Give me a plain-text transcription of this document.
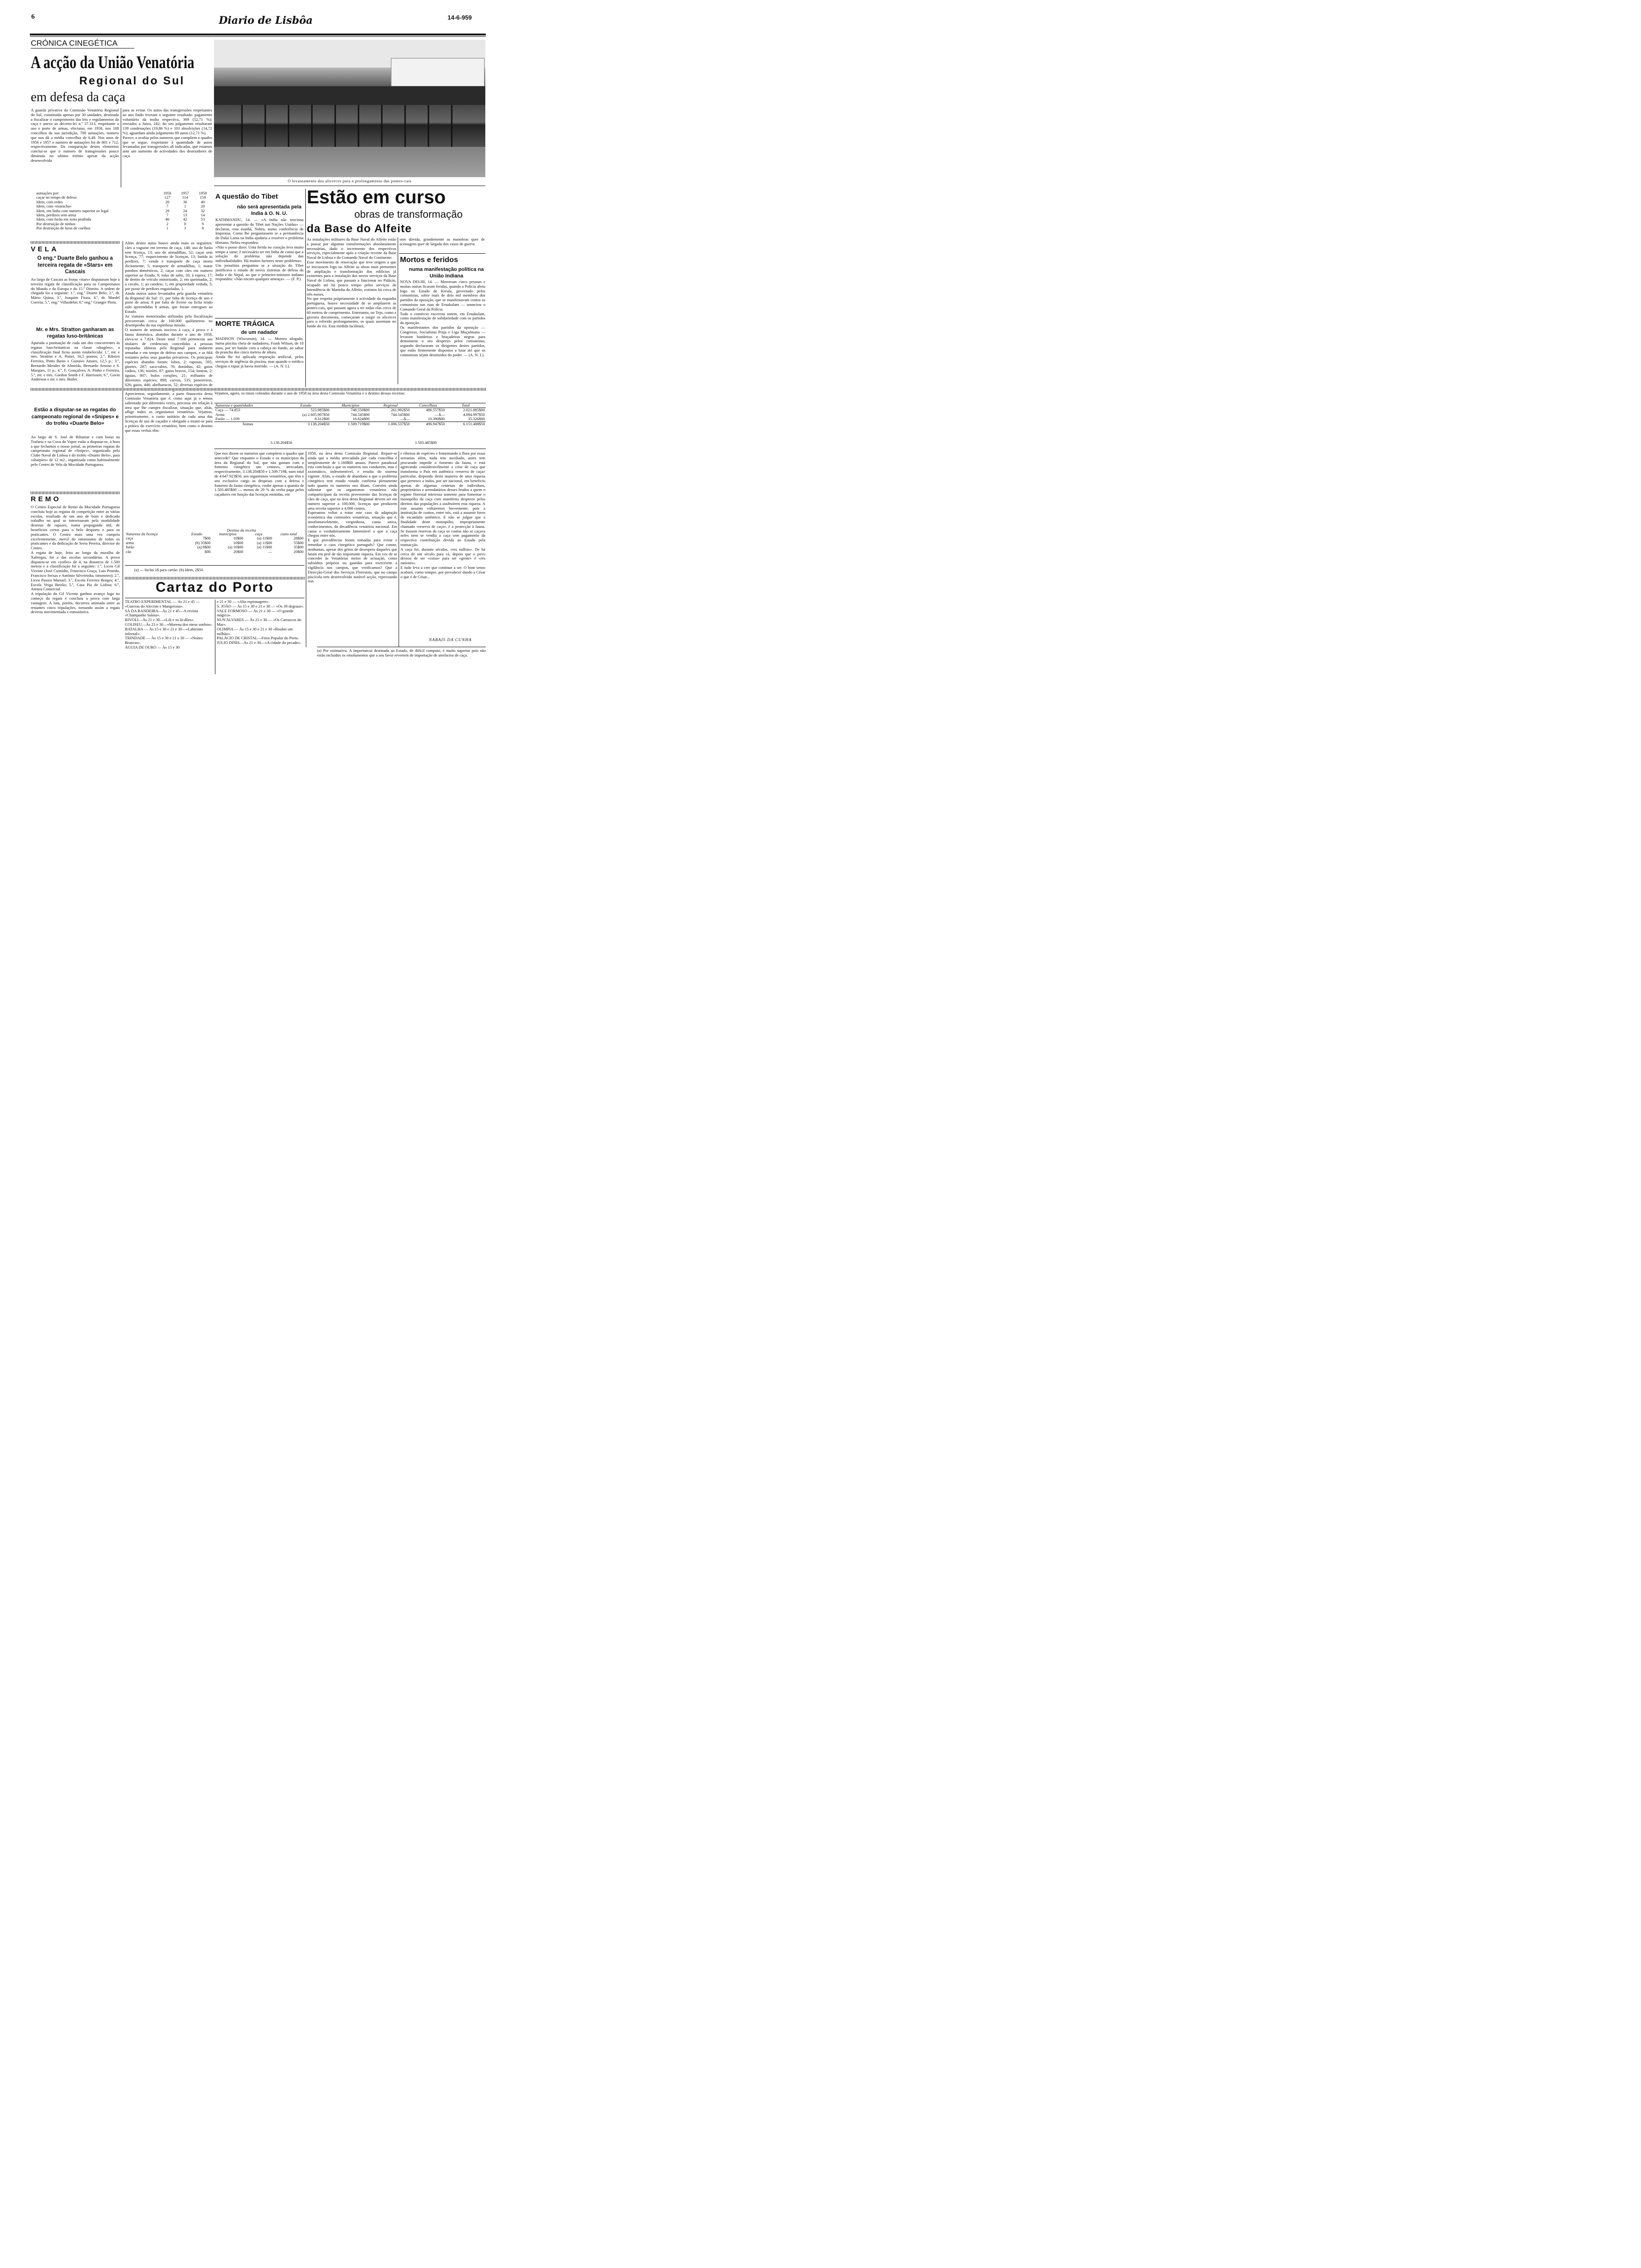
6	Diario de Lisbôa	14-6-959
CRÓNICA CINEGÉTICA
A acção da União Venatória
Regional do Sul
em defesa da caça
A guarda privativa da Comissão Venatória Regional do Sul, constituida apenas por 30 unidades, destinada a fiscalizar o cumprimento das leis e regulamentos da caça e anexo ao decreto-lei n.º 37.313, respeitante a uso e porte de armas, efectuou, em 1958, nos 108 concelhos da sua jurisdição, 700 autuações, numero que nos dá a média concelhia de 6,48. Nos anos de 1956 e 1957 o numero de autuações foi de 801 e 712, respectivamente. Da comparação destes elementos conclui-se que o numero de transgressões pouco diminuiu no ultimo triénio apesar da acção desenvolvida
para as evitar. Os autos das transgressões respeitantes ao ano findo tiveram o seguinte resultado: pagamento voluntário da multa respectiva, 369 (52,71 %); enviados a Juizo, 242; do seu julgamento resultaram 139 condenações (19,86 %) e 103 absolvições (14,72 %); aguardam ainda julgamento 89 autos (12,71 %).
Parece, a avaliar pelos numeros que compõem o quadro que se segue, respeitante à quantidade de autos levantados por transgressões ali indicadas, que estamos ante um aumento de actividades dos destruidores de caça.
autuações por:	1956	1957	1958
caçar no tempo de defeso	127	114	158
Idem, com redes	20	36	40
Idem, com «maracha»	7	1	20
Idem, em linha com numero superior ao legal	29	24	32
Idem, perdizes sem arma	7	13	14
Idem, com furão em zona proibida	46	42	53
Por destruição de ninhos	2	8	9
Por destruição de luras de coelhos	1	3	8
O levantamento dos alicerces para o prolongamento das pontes-cais
A questão do Tibet
não será apresentada pela India à O. N. U.
KATHMANDU, 14. — «A India não tenciona apresentar a questão do Tibet nas Nações Unidas» — declarou, esta manhã, Nehru, numa conferência de Imprensa. Como lhe perguntassem se a permanência do Dalai Lama na India ajudaria a resolver o problema tibetano, Nehru respondeu:
«Não o posso dizer. Uma ferida no coração leva muito tempo a sarar; é necessário ter em linha de conta que a solução do problema não depende das individualidades. Há muitos factores neste problema».
Um jornalista perguntou se a situação do Tibet justificava o estudo de novos sistemas de defesa da India e do Nepal, ao que o primeiro-ministro indiano respondeu: «Não encaro qualquer ameaça». — (F. P.).
MORTE TRÁGICA
de um nadador
MADISON (Wisconsin), 14. — Morreu afogado, numa piscina cheia de nadadores, Frank Wilson, de 18 anos, por ter batido com a cabeça no fundo, ao saltar da prancha dos cinco metros de altura.
Ainda lhe foi aplicada respiração artificial, pelos serviços de urgência da piscina, mas quando o médico chegou o rapaz já havia morrido. — (A. N. I.).
Estão em curso
obras de transformação
da Base do Alfeite
As instalações militares da Base Naval do Alfeite estão a passar por algumas transformações absolutamente necessárias, dado o incremento dos respectivos serviços, especialmente após a criação recente da Base Naval de Lisboa e do Comando Naval do Continente.
Esse movimento de renovação que teve origem a que se iniciassem logo no Alfeite as obras mais prementes de ampliação e transformação dos edifícios já existentes para a instalação dos novos serviços da Base Naval de Lisboa, que passam a funcionar no Palácio, ocupado até há pouco tempo pelos serviços da Intendência de Marinha do Alfeite, extintos há cerca de três meses.
No que respeita pròpriamente à actividade da esquadra portuguesa, houve necessidade de se ampliarem as pontes-cais, que passam agora a ter todas elas cerca de 60 metros de comprimento. Entretanto, no Tejo, como a gravura documenta, começaram a surgir os alicerces para o referido prolongamento, os quais assentam no fundo do rio. Esta medida facilitará,
sem dúvida, grandemente as manobras quer de acostagem quer de largada dos vasos de guerra.
Mortos e feridos
numa manifestação política na União Indiana
NOVA DELHI, 14. — Morreram cinco pessoas e muitas outras ficaram feridas, quando a Polícia abriu fogo no Estado de Kerala, governado pelos comunistas, sobre mais de dois mil membros dos partidos da oposição, que se manifestavam contra os comunistas nas ruas de Ernakulam — anunciou o Comando Geral da Polícia.
Todo o comércio encerrou ontem, em Ernakulam, como manifestação de solidariedade com os partidos da oposição.
Os manifestantes dos partidos da oposição — Congresso, Socialistas Praja e Liga Muçulmana — levaram bandeiras e braçadeiras negras para demonstrar o seu desprezo pelos comunistas, segundo declararam os dirigentes destes partidos, que estão firmemente dispostos a lutar até que os comunistas sejam destituidos do poder. — (A. N. I.).
VELA
O eng.º Duarte Belo ganhou a terceira regata de «Stars» em Cascais
Ao largo de Cascais as frotas «stars» disputaram hoje a terceira regata de classificação para os Campeonatos do Mundo e da Europa e do 15.º Distrito. A ordem de chegada foi a seguinte: 1.º, eng.º Duarte Belo; 2.º, dr. Mário Quina; 3.º, Joaquim Fiuza; 4.º, dr. Mardel Correia; 5.º, eng.º Villardebó; 6.º eng.º Granger Pinto.
Mr. e Mrs. Stratton ganharam as regatas luso-britânicas
Apurada a pontuação de cada um dos concorrentes às regatas luso-britanicas na classe «dragões», a classificação final ficou assim estabelecida: 1.º, mr. e mrs. Stratton e A. Potier, 16,5 pontos; 2.º, Ribeiro Ferreira, Pinto Basto e Gustavo Amaro, 12,5 p.; 3.º, Bernardo Mendes de Almeida, Bernardo Arnoso e S. Marques, 11 p.; 4.º, F. Gonçalves, A. Pinho e Ferreira, 5.º, mr. e mrs. Gordon Smith e F. Harrisson; 6.º, Gavin Anderson e mr. e mrs. Butler.
Estão a disputar-se as regatas do campeonato regional de «Snipes» e do troféu «Duarte Belo»
Ao largo de S. José de Ribamar e com boias na Trafaria e na Cova do Vapor estão a disputar-se, à hora a que fechamos o nosso jornal, as primeiras regatas do campeonato regional de «Snipes», organizado pelo Clube Naval de Lisboa e do troféu «Duarte Belo», para «sharpies» de 12 m2., organizada como habitualmente pelo Centro de Vela da Mocidade Portuguesa.
REMO
O Centro Especial de Remo da Mocidade Portuguesa concluiu hoje as regatas de competição entre as várias escolas, resultado de um ano de bom e dedicado trabalho no qual se interessaram pela modalidade dezenas de rapazes, numa propaganda útil, de beneficios certos para o belo desporto e para os praticantes. O Centro mais uma vez cumpriu excelentemente, mercê do entusiasmo de todos os praticantes e da dedicação de Serra Pereira, director do Centro.
A regata de hoje, feita ao longo da muralha de Xabregas, foi a das escolas secundárias. A prova disputou-se em «yolles» de 4, na distancia de 1.500 metros e a classificação foi a seguinte: 1.º, Liceu Gil Vicente (José Custódio, Francisco Graça, Luis Penedo, Francisco Seixas e António Silveirinha, timoneiro); 2.º, Liceu Passos Manuel; 3.º, Escola Ferreira Borges; 4.º, Escola Veiga Beirão; 5.º, Casa Pia de Lisboa; 6.º, Ateneu Comercial.
A tripulação do Gil Vicente ganhou avanço logo no começo da regata e concluiu a prova com larga vantagem. A luta, porém, decorreu animada entre as restantes cinco tripulações, tornando assim a regata deveras movimentada e entusiástica.
Além destes autos houve ainda mais os seguintes: cães a vaguear em terreno de caça, 148; uso de furão sem licença, 13; uso de armadilhas, 52; caçar sem licença, 77; esquecimento de licenças, 13; batida às perdizes, 7; venda e transporte de caça morta ilicitamente, 5; transporte de armadilhas, 1; matar pombos domésticos, 2; caçar com cães em numero superior ao fixado, 9; rolas de salto, 10; à espera, 17; de dentro de veículo motorizado, 2; em queimadas, 2; a cavalo, 1; ao candeio, 1; em propriedade vedada, 5; por posse de perdizes engaioladas, 1.
Ainda outros autos levantados pela guarda venatória da Regional do Sul: 11, por falta de licença de uso e porte de arma; 8 por falta de livrete ou ficha tendo sido apreendidas 8 armas, que foram entregues ao Estado.
As viaturas motorizadas utilizadas pela fiscalização percorreram cerca de 160.000 quilómetros no desempenho da sua espinhosa missão.
O numero de animais nocivos à caça, à pesca e à fauna doméstica, abatidos durante o ano de 1958, eleva-se a 7.824. Deste total 7.160 pertencem aos titulares de credenciais concedidas a pessoas reputadas idóneas pela Regional para andarem armadas e em tempo de defeso nos campos, e as 664 restantes pelos seus guardas privativos. Os principais espécies abatidos foram: lobos, 2; raposas, 595; ginetes, 287; saca-rabos, 76; doninhas, 42; gatos vadios, 136; toirões, 87; gatos bravos, 154; lontras, 2; águias, 807; bufos corujões, 21; milhanos de diferentes espécies, 890; corvos, 535; peneireiros, 626; gaios, 446; abelharucos, 52; diversas espécies de
Apreciemos, seguidamente, a parte financeira desta Comissão Venatória que é, como aqui já o temos salientado por diferentes vezes, preciosa em relação à área que lhe cumpre fiscalizar, situação que, aliás, aflige todos os organismos venatórios. Vejamos, primeiramente, o custo unitário de cada uma das licenças de uso de caçador e obrigado a munir-se para a prática do exercício venatório, bem como o destino que essas verbas têm:
Vejamos, agora, os totais cobrados durante o ano de 1958 na área desta Comissão Venatória e o destino dessas receitas:
Natureza e quantidades	Estado	Municipios	Regional	Concelhias	Total
Caça — 74.853	523.985$00	748.550$00	261.992$50	486.557$50	2.021.085$00
Arma	(a) 2.605.907$50	744.545$00	744.545$00	—$—	4.094.997$50
Furão — 1.039	8.312$00	16.624$00	—$—	10.390$00	35.326$00
Somas	3.138.204$50	1.509.719$00	1.006.537$50	496.947$50	6.151.408$50
3.138.204$50	1.503.485$00
Que nos dizem os numeros que compõem o quadro que antecede? Que enquanto o Estado e os municípios da área da Regional do Sul, que não gastam com o fomento cinegético um centavo, arrecadam, respectivamente, 3.138.204$50 e 1.509.719$, num total de 4.647.923$50, aos organismos venatórios, que têm o seu exclusivo cargo as despesas com a defesa e fomento da fauna cinegética, coube apenas a quantia de 1.503.485$00 — menos de 20 % da verba paga pelos caçadores em função das licenças emitidas, em
1958, na área desta Comissão Regional. Repare-se ainda que a média arrecadada por cada concelhia é simplesmente de 1.160$00 anuais. Parece paradoxal esta conclusão a que os numeros nos conduzem, mas é axiomático, indesmentível, e resulta do sistema vigente. Aliás, o estado de abandono a que o problema cinegético tem estado votado confirma plenamente tudo quanto os numeros nos ditam. Convém ainda salientar que os organismos venatórios não comparticipam da receita proveniente das licenças de cães de caça, que na área desta Regional devem ser em numero superior a 100.000, licenças que produzem uma receita superior a 4.000 contos.
Esperamos voltar a tratar este caso da adaptação económica das comissões venatórias, situação que é, insofismavelmente, vergonhosa, causa unica, conhecimentos, da decadência venatória nacional. Em causa o verdadeiramente lamentável a que a caça chegou entre nós.
E que providências foram tomadas para evitar e remediar o caos cinegético português? Que conste, nenhumas, apesar dos gritos de desespero daqueles que lutam em prol de tão importante riqueza. Em vez de se conceder às Venatórias meios de actuação, como subsídios próprios ou guardas para exercerem a vigilância nos campos, que verificamos? Que a Direcção-Geral dos Serviços Florestais, que no campo piscícola tem desenvolvido notável acção, repovoando rios
e ribeiras de espécies e fomentando a flora por essas serranias além, nada tem auxiliado, antes tem procurado impedir o fomento da fauna, e está agravando consideravelmente a crise de caça que transforma o País em autêntica «reserva de caça» particular, dispondo desta maneira de uma riqueza que pertence a todos, por ser nacional, em beneficio apenas de algumas centenas de individuos, proprietários e arrendatários desses feudos a quem o regime florestal interessa somente para fomentar o monopólio da caça com manifesto desprezo pelos direitos das populações a usufruírem esta riqueza. A este assunto voltaremos brevemente, pois a instituição de coutos, entre nós, está a assumir foros de escandalo autêntico. E não se julgue que a finalidade deste monopólio, impropriamente chamado «reserva de caça», é a protecção à fauna. Se fossem reservas de caça os coutos não se caçava neles nem se vendia a caça sem pagamento da respectiva contribuição devida ao Estado pela transacção.
A caça foi, durante séculos, «res nullius». De há cerca de um século para cá, depois que o povo deixou de ser «coisa» para ser «gente» é «res nationis».
E tudo leva a crer que continue a ser. O bom senso acabará, como sempre, por prevalecer dando a César o que é de César...
NABAIS DA CUNHA
Destino da receita
Natureza da licença	Estado	municipios	caça	custo total
caça	7$00	10$00	(a) 11$00	28$00
arma	(b) 35$00	10$00	(a) 11$00	55$00
furão	(a) 8$00	(a) 16$00	(a) 11$00	35$00
cão	$00	20$00	—	20$00
(a) — Inclui 1$ para cartão. (b) Idem, 2$50.
Cartaz do Porto
TEATRO EXPERIMENTAL — Às 21 e 45 — «Guerras do Alecrim e Mangerona».
SÁ DA BANDEIRA—Às 21 e 45—A revista «Champanhe Saloio».
RIVOLI—Às 21 e 30—«Lili e os lá-dões».
COLISEU—Às 21 e 30—«Morena dos meus sonhos».
BATALHA — Às 15 e 30 e 21 e 30—«Labirinto infernal».
TRINDADE — Às 15 e 30 e 21 e 30 — «Noites Brancas».
ÁGUIA DE OURO — Às 15 e 30
e 21 e 30 — «Alta espionagem».
S. JOÃO — Às 15 e 30 e 21 e 30 — «Os 39 degraus».
VALE FORMOSO — Às 21 e 30 — «O grande mágico».
NUN'ÁLVARES — Às 21 e 30 — «Os Carrascos do Mar».
OLIMPIA — Às 15 e 30 e 21 e 30 «Roubei um milhão».
PALÁCIO DE CRISTAL—Feira Popular do Porto.
JULIO DINIS—Às 21 e 30—«A cidade do pecado».
(a) Por estimativa. A importancia destinada ao Estado, de difícil computo, é muito superior pois não estão incluidos os emolumentos que a seu favor revertem de importação de artefactos de caça.
